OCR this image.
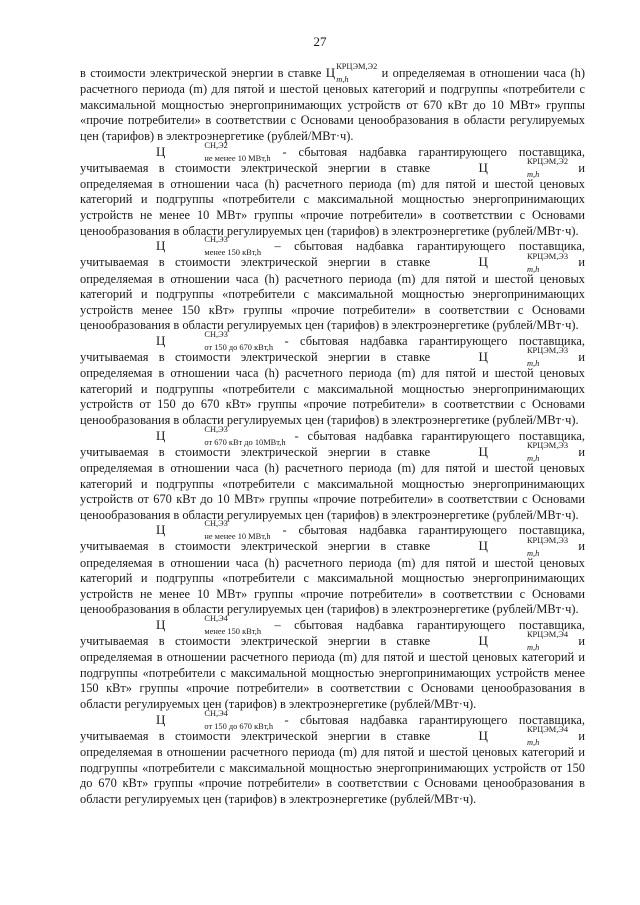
27

в стоимости электрической энергии в ставке Ц КРЦЭМ,Э2
m,h	и определяемая в отношении часа (h) расчетного периода (m) для пятой и шестой ценовых категорий и подгруппы «потребители с максимальной мощностью энергопринимающих устройств от 670 кВт до 10 МВт» группы «прочие потребители» в соответствии с Основами ценообразования в области регулируемых цен (тарифов) в электроэнергетике (рублей/МВт·ч).

Ц	СН,Э2
не менее 10 МВт,h - сбытовая надбавка гарантирующего поставщика, учитываемая в стоимости электрической энергии в ставке	Ц	КРЦЭМ,Э2
m,h	и определяемая в отношении часа (h) расчетного периода (m) для пятой и шестой ценовых категорий и подгруппы «потребители с максимальной мощностью энергопринимающих устройств не менее 10 МВт» группы «прочие потребители» в соответствии с Основами ценообразования в области регулируемых цен (тарифов) в электроэнергетике (рублей/МВт·ч).

Ц	СН,Э3
менее 150 кВт,h – сбытовая надбавка гарантирующего поставщика, учитываемая в стоимости электрической энергии в ставке	Ц	КРЦЭМ,Э3
m,h	и определяемая в отношении часа (h) расчетного периода (m) для пятой и шестой ценовых категорий и подгруппы «потребители с максимальной мощностью энергопринимающих устройств менее 150 кВт» группы «прочие потребители» в соответствии с Основами ценообразования в области регулируемых цен (тарифов) в электроэнергетике (рублей/МВт·ч).

Ц	СН,Э3
от 150 до 670 кВт,h - сбытовая надбавка гарантирующего поставщика, учитываемая в стоимости электрической энергии в ставке	Ц	КРЦЭМ,Э3
m,h	и определяемая в отношении часа (h) расчетного периода (m) для пятой и шестой ценовых категорий и подгруппы «потребители с максимальной мощностью энергопринимающих устройств от 150 до 670 кВт» группы «прочие потребители» в соответствии с Основами ценообразования в области регулируемых цен (тарифов) в электроэнергетике (рублей/МВт·ч).

Ц	СН,Э3
от 670 кВт до 10МВт,h - сбытовая надбавка гарантирующего поставщика, учитываемая в стоимости электрической энергии в ставке	Ц	КРЦЭМ,Э3
m,h	и определяемая в отношении часа (h) расчетного периода (m) для пятой и шестой ценовых категорий и подгруппы «потребители с максимальной мощностью энергопринимающих устройств от 670 кВт до 10 МВт» группы «прочие потребители» в соответствии с Основами ценообразования в области регулируемых цен (тарифов) в электроэнергетике (рублей/МВт·ч).

Ц	СН,Э3
не менее 10 МВт,h - сбытовая надбавка гарантирующего поставщика, учитываемая в стоимости электрической энергии в ставке	Ц	КРЦЭМ,Э3
m,h	и определяемая в отношении часа (h) расчетного периода (m) для пятой и шестой ценовых категорий и подгруппы «потребители с максимальной мощностью энергопринимающих устройств не менее 10 МВт» группы «прочие потребители» в соответствии с Основами ценообразования в области регулируемых цен (тарифов) в электроэнергетике (рублей/МВт·ч).

Ц	СН,Э4
менее 150 кВт,h – сбытовая надбавка гарантирующего поставщика, учитываемая в стоимости электрической энергии в ставке	Ц	КРЦЭМ,Э4
m,h	и определяемая в отношении расчетного периода (m) для пятой и шестой ценовых категорий и подгруппы «потребители с максимальной мощностью энергопринимающих устройств менее 150 кВт» группы «прочие потребители» в соответствии с Основами ценообразования в области регулируемых цен (тарифов) в электроэнергетике (рублей/МВт·ч).

Ц	СН,Э4
от 150 до 670 кВт,h - сбытовая надбавка гарантирующего поставщика, учитываемая в стоимости электрической энергии в ставке	Ц	КРЦЭМ,Э4
m,h	и определяемая в отношении расчетного периода (m) для пятой и шестой ценовых категорий и подгруппы «потребители с максимальной мощностью энергопринимающих устройств от 150 до 670 кВт» группы «прочие потребители» в соответствии с Основами ценообразования в области регулируемых цен (тарифов) в электроэнергетике (рублей/МВт·ч).
